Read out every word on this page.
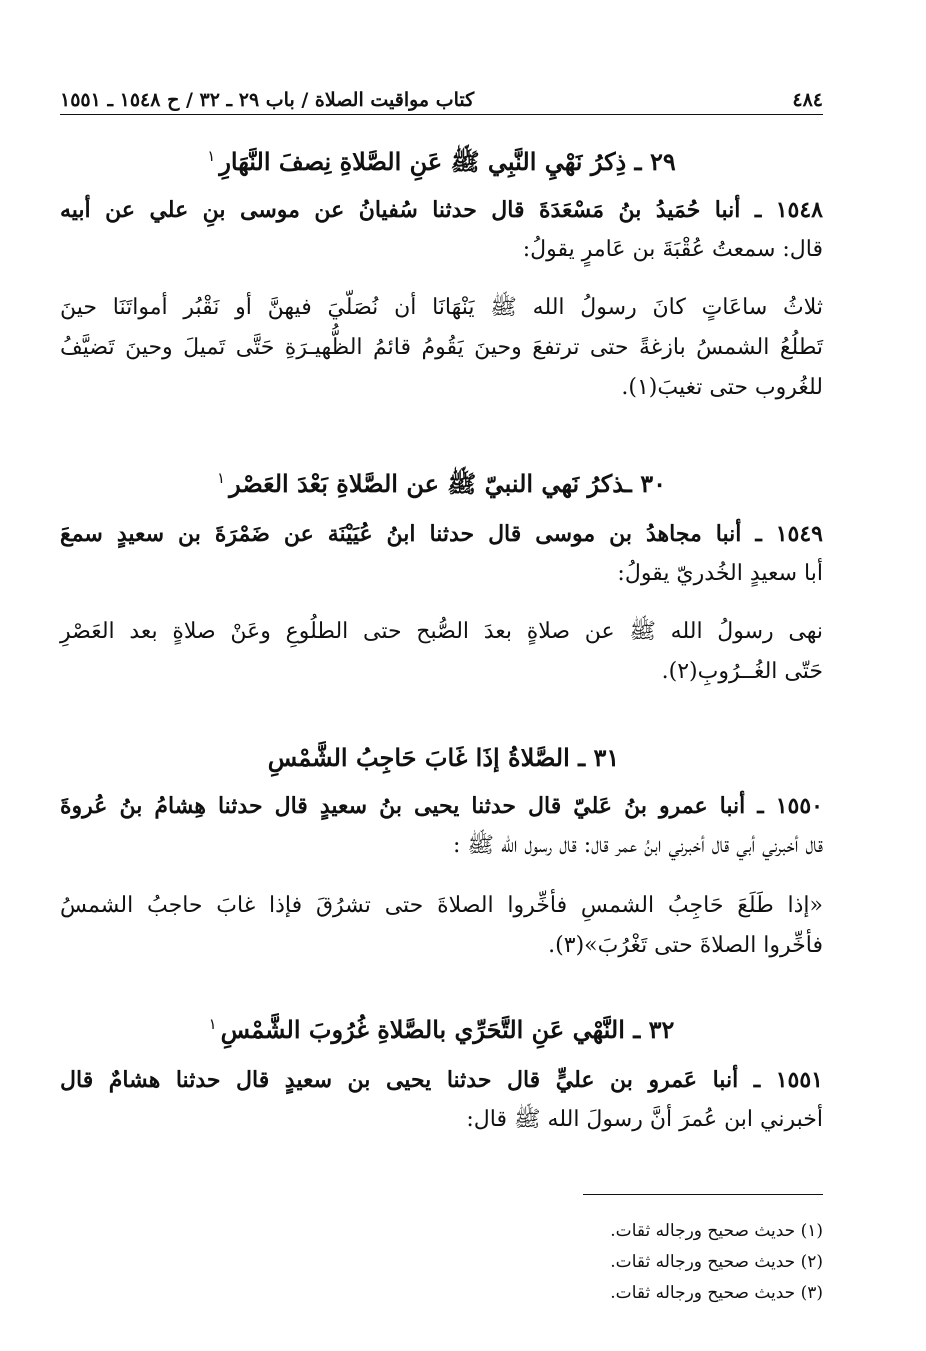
٤٨٤
كتاب مواقيت الصلاة / باب ٢٩ ـ ٣٢ / ح ١٥٤٨ ـ ١٥٥١
٢٩ ـ ذِكرُ نَهْيِ النَّبِي ﷺ عَنِ الصَّلاةِ نِصفَ النَّهَارِ$^١$
١٥٤٨ ـ أنبا حُمَيدُ بنُ مَسْعَدَةَ قال حدثنا سُفيانُ عن موسى بنِ علي عن أبيه
قال: سمعتُ عُقْبَةَ بن عَامرٍ يقولُ:
ثلاثُ ساعَاتٍ كانَ رسولُ الله ﷺ يَنْهَانَا أن نُصَلّيَ فيهنَّ أو نَقْبُر أمواتَنَا حينَ
تَطلُعُ الشمسُ بازغةً حتى ترتفعَ وحينَ يَقُومُ قائمُ الظُّهيـرَةِ حَتَّى تَميلَ وحينَ تَضيَّفُ
للغُروب حتى تغيبَ(١).
٣٠ ـذكرُ نَهي النبيّ ﷺ عن الصَّلاةِ بَعْدَ العَصْر$^١$
١٥٤٩ ـ أنبا مجاهدُ بن موسى قال حدثنا ابنُ عُيَيْنَة عن ضَمْرَةَ بن سعيدٍ سمعَ
أبا سعيدٍ الخُدريّ يقولُ:
نهى رسولُ الله ﷺ عن صلاةٍ بعدَ الصُّبح حتى الطلُوعِ وعَنْ صلاةٍ بعد العَصْرِ
حَتّى الغُــرُوبِ(٢).
٣١ ـ الصَّلاةُ إذَا غَابَ حَاجِبُ الشَّمْسِ
١٥٥٠ ـ أنبا عمرو بنُ عَليّ قال حدثنا يحيى بنُ سعيدٍ قال حدثنا هِشامُ بنُ عُروةَ
قال أخبرني أبي قال أخبرني ابنُ عمر قال: قال رسول الله ﷺ :
«إذا طَلَعَ حَاجِبُ الشمسِ فأخِّروا الصلاةَ حتى تشرُقَ فإذا غابَ حاجبُ الشمسُ
فأخِّروا الصلاةَ حتى تَغْرُبَ»(٣).
٣٢ ـ النَّهْي عَنِ التَّحَرِّي بالصَّلاةِ غُرُوبَ الشَّمْسِ$^١$
١٥٥١ ـ أنبا عَمرو بن عليٍّ قال حدثنا يحيى بن سعيدٍ قال حدثنا هشامٌ قال
أخبرني ابن عُمرَ أنَّ رسولَ الله ﷺ قال:
(١) حديث صحيح ورجاله ثقات.
(٢) حديث صحيح ورجاله ثقات.
(٣) حديث صحيح ورجاله ثقات.
